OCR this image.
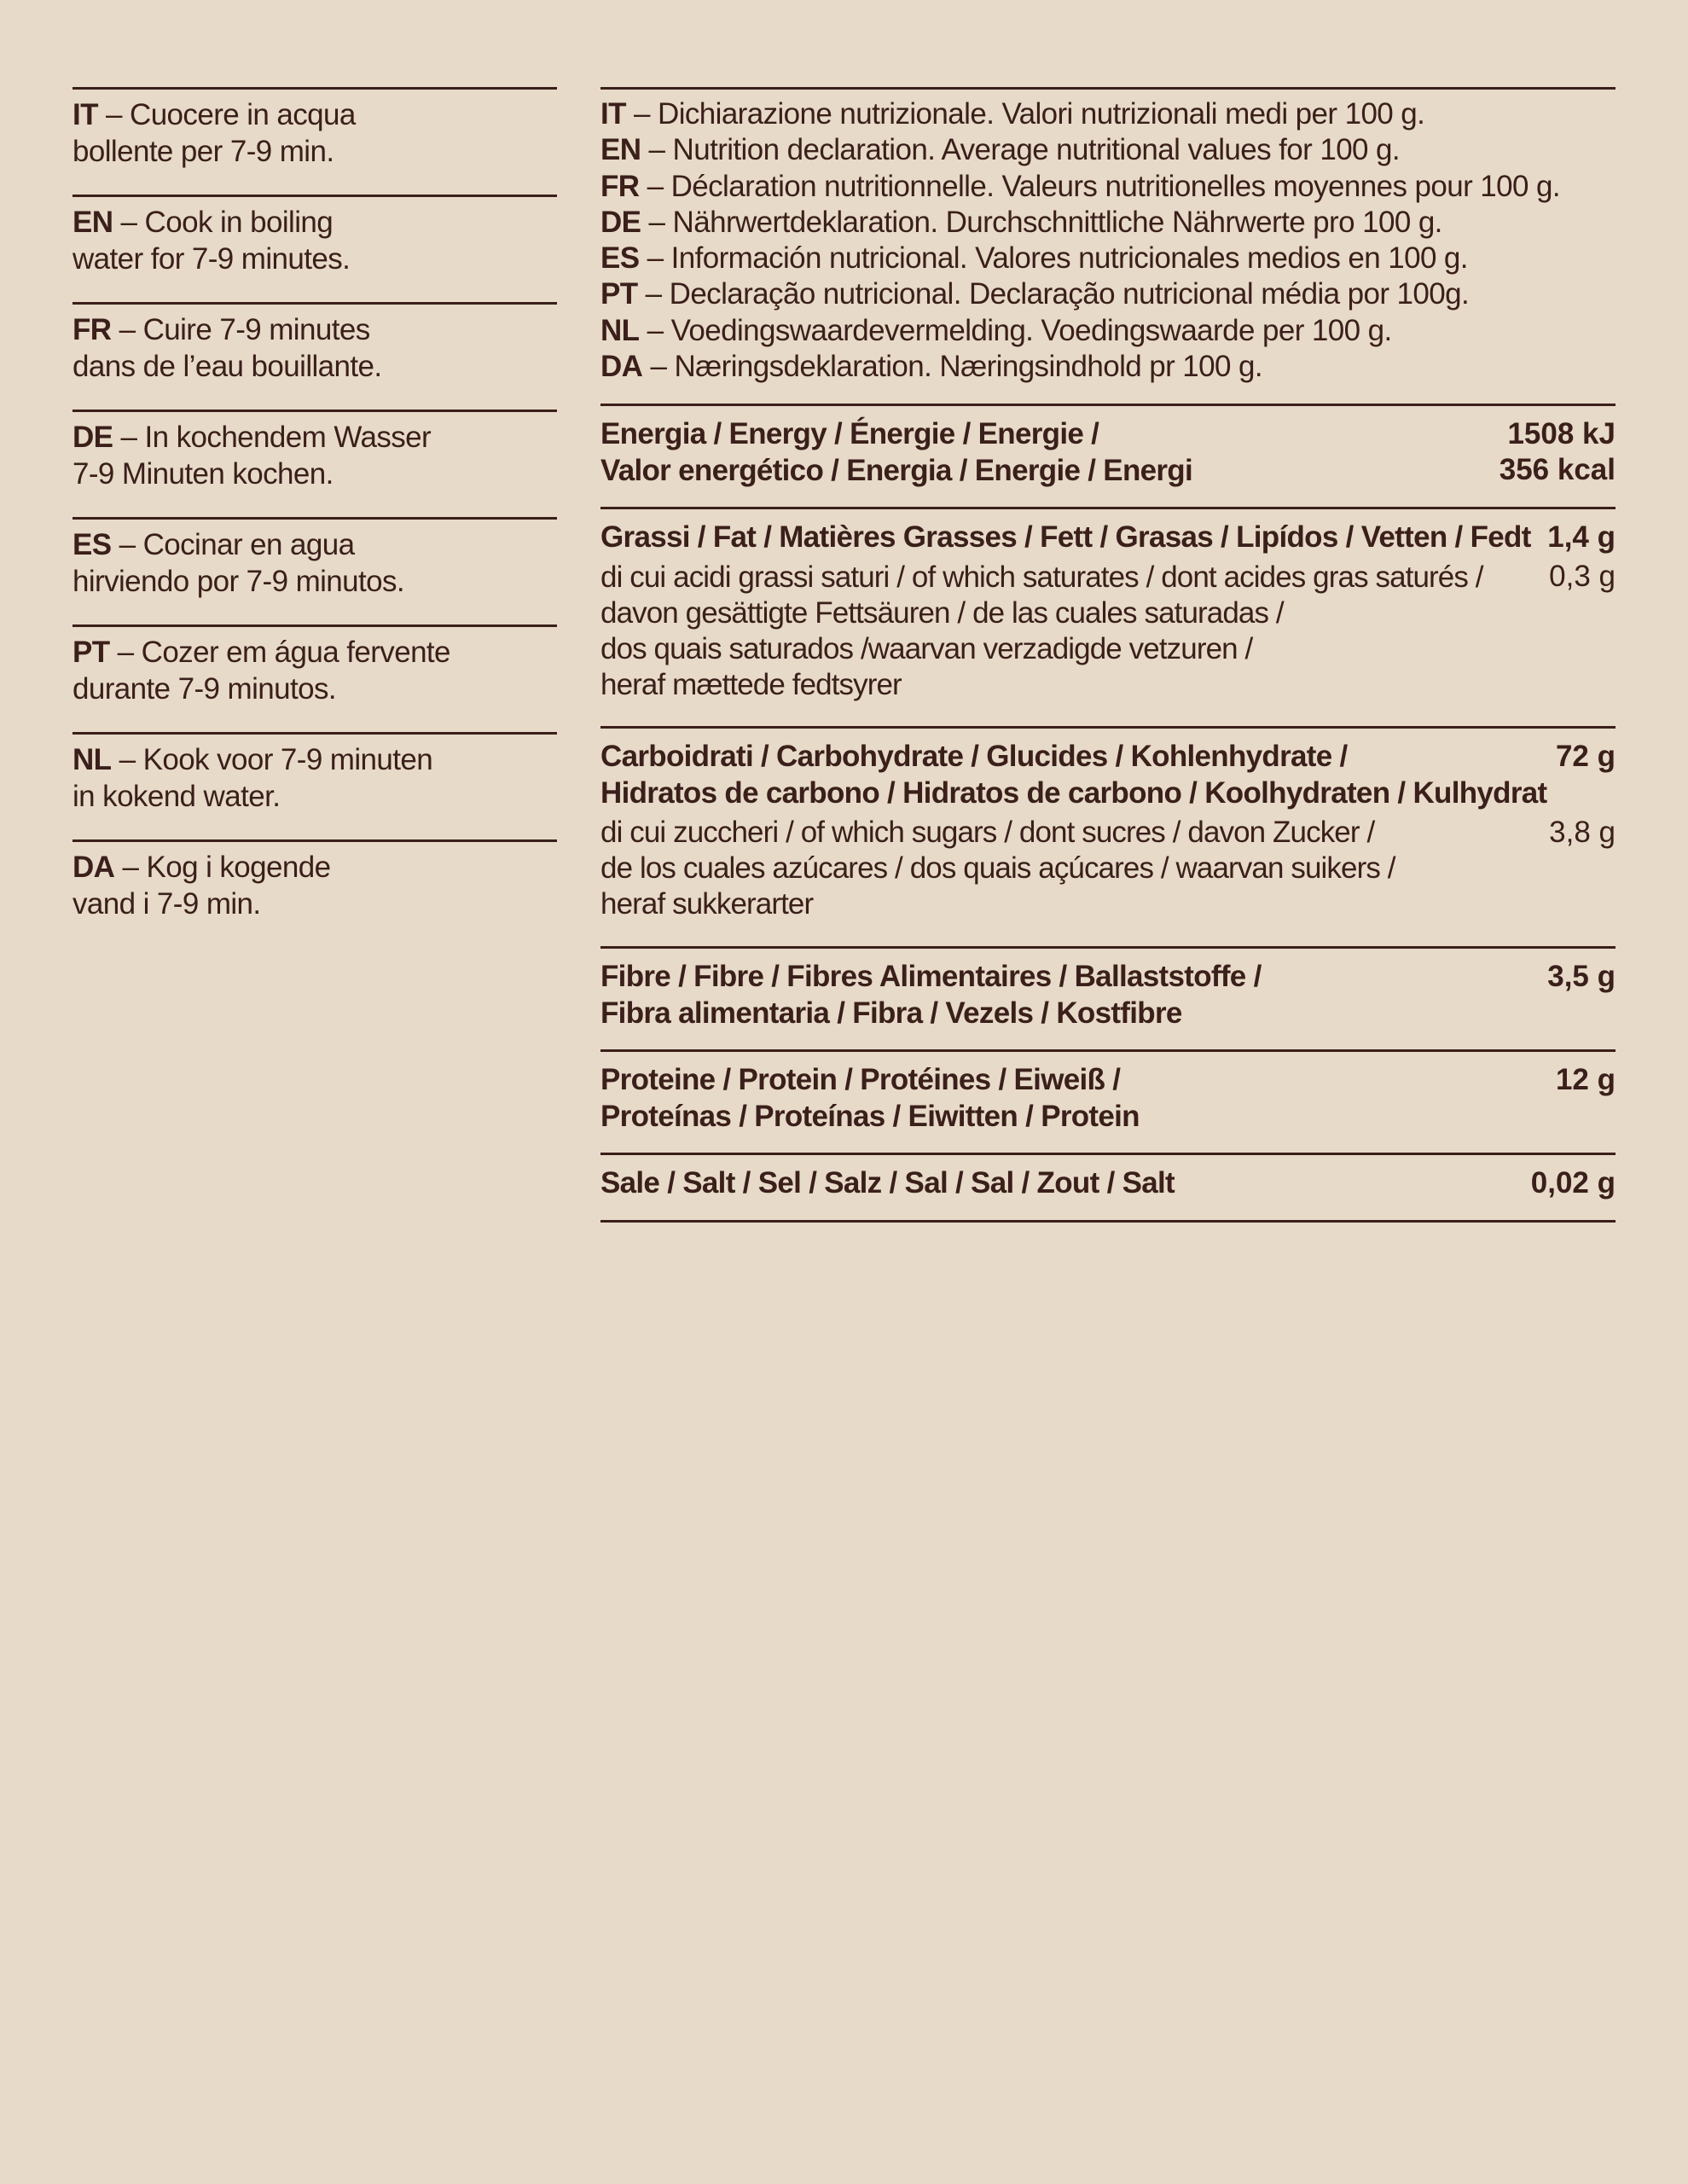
IT – Cuocere in acqua
bollente per 7-9 min.
EN – Cook in boiling
water for 7-9 minutes.
FR – Cuire 7-9 minutes
dans de l’eau bouillante.
DE – In kochendem Wasser
7-9 Minuten kochen.
ES – Cocinar en agua
hirviendo por 7-9 minutos.
PT – Cozer em água fervente
durante 7-9 minutos.
NL – Kook voor 7-9 minuten
in kokend water.
DA – Kog i kogende
vand i 7-9 min.
IT – Dichiarazione nutrizionale. Valori nutrizionali medi per 100 g.
EN – Nutrition declaration. Average nutritional values for 100 g.
FR – Déclaration nutritionnelle. Valeurs nutritionelles moyennes pour 100 g.
DE – Nährwertdeklaration. Durchschnittliche Nährwerte pro 100 g.
ES – Información nutricional. Valores nutricionales medios en 100 g.
PT – Declaração nutricional. Declaração nutricional média por 100g.
NL – Voedingswaardevermelding. Voedingswaarde per 100 g.
DA – Næringsdeklaration. Næringsindhold pr 100 g.
1508 kJ
356 kcal
Energia / Energy / Énergie / Energie /
Valor energético / Energia / Energie / Energi
1,4 g
Grassi / Fat / Matières Grasses / Fett / Grasas / Lipídos / Vetten / Fedt
0,3 g
di cui acidi grassi saturi / of which saturates / dont acides gras saturés /
davon gesättigte Fettsäuren / de las cuales saturadas /
dos quais saturados /waarvan verzadigde vetzuren /
heraf mættede fedtsyrer
72 g
Carboidrati / Carbohydrate / Glucides / Kohlenhydrate /
Hidratos de carbono / Hidratos de carbono / Koolhydraten / Kulhydrat
3,8 g
di cui zuccheri / of which sugars / dont sucres / davon Zucker /
de los cuales azúcares / dos quais açúcares / waarvan suikers /
heraf sukkerarter
3,5 g
Fibre / Fibre / Fibres Alimentaires / Ballaststoffe /
Fibra alimentaria / Fibra / Vezels / Kostfibre
12 g
Proteine / Protein / Protéines / Eiweiß /
Proteínas / Proteínas / Eiwitten / Protein
0,02 g
Sale / Salt / Sel / Salz / Sal / Sal / Zout / Salt
